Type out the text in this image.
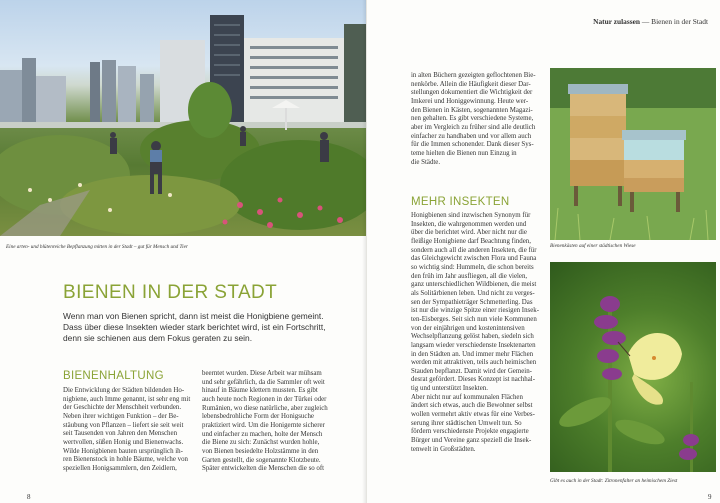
Eine arten- und blütenreiche Bepflanzung mitten in der Stadt – gut für Mensch und Tier
BIENEN IN DER STADT

Wenn man von Bienen spricht, dann ist meist die Honigbiene gemeint.
Dass über diese Insekten wieder stark berichtet wird, ist ein Fortschritt,
denn sie schienen aus dem Fokus geraten zu sein.

BIENENHALTUNG

Die Entwicklung der Städten bildenden Ho-
nigbiene, auch Imme genannt, ist sehr eng mit
der Geschichte der Menschheit verbunden.
Neben ihrer wichtigen Funktion – der Be-
stäubung von Pflanzen – liefert sie seit weit
seit Tausenden von Jahren den Menschen
wertvollen, süßen Honig und Bienenwachs.
Wilde Honigbienen bauten ursprünglich ih-
ren Bienenstock in hohle Bäume, welche von
speziellen Honigsammlern, den Zeidlern,

beerntet wurden. Diese Arbeit war mühsam
und sehr gefährlich, da die Sammler oft weit
hinauf in Bäume klettern mussten. Es gibt
auch heute noch Regionen in der Türkei oder
Rumänien, wo diese natürliche, aber zugleich
lebensbedrohliche Form der Honigsuche
praktiziert wird. Um die Honigernte sicherer
und einfacher zu machen, holte der Mensch
die Biene zu sich: Zunächst wurden hohle,
von Bienen besiedelte Holzstämme in den
Garten gestellt, die sogenannte Klotzbeute.
Später entwickelten die Menschen die so oft

8
Natur zulassen — Bienen in der Stadt

in alten Büchern gezeigten geflochtenen Bie-
nenkörbe. Allein die Häufigkeit dieser Dar-
stellungen dokumentiert die Wichtigkeit der
Imkerei und Honiggewinnung. Heute wer-
den Bienen in Kästen, sogenannten Magazi-
nen gehalten. Es gibt verschiedene Systeme,
aber im Vergleich zu früher sind alle deutlich
einfacher zu handhaben und vor allem auch
für die Immen schonender. Dank dieser Sys-
teme hielten die Bienen nun Einzug in
die Städte.

MEHR INSEKTEN

Honigbienen sind inzwischen Synonym für
Insekten, die wahrgenommen werden und
über die berichtet wird. Aber nicht nur die
fleißige Honigbiene darf Beachtung finden,
sondern auch all die anderen Insekten, die für
das Gleichgewicht zwischen Flora und Fauna
so wichtig sind: Hummeln, die schon bereits
den früh im Jahr ausfliegen, all die vielen,
ganz unterschiedlichen Wildbienen, die meist
als Solitärbienen leben. Und nicht zu verges-
sen der Sympathieträger Schmetterling. Das
ist nur die winzige Spitze einer riesigen Insek-
ten-Eisberges. Seit sich nun viele Kommunen
von der einjährigen und kostenintensiven
Wechselpflanzung gelöst haben, siedeln sich
langsam wieder verschiedenste Insektenarten
in den Städten an. Und immer mehr Flächen
werden mit attraktiven, teils auch heimischen
Stauden bepflanzt. Damit wird der Gemein-
desrat gefördert. Dieses Konzept ist nachhal-
tig und unterstützt Insekten.
Aber nicht nur auf kommunalen Flächen
ändert sich etwas, auch die Bewohner selbst
wollen vermehrt aktiv etwas für eine Verbes-
serung ihrer städtischen Umwelt tun. So
fördern verschiedenste Projekte engagierte
Bürger und Vereine ganz speziell die Insek-
tenwelt in Großstädten.

Bienenkästen auf einer städtischen Wiese
Gibt es auch in der Stadt: Zitronenfalter an heimischem Ziest
9
